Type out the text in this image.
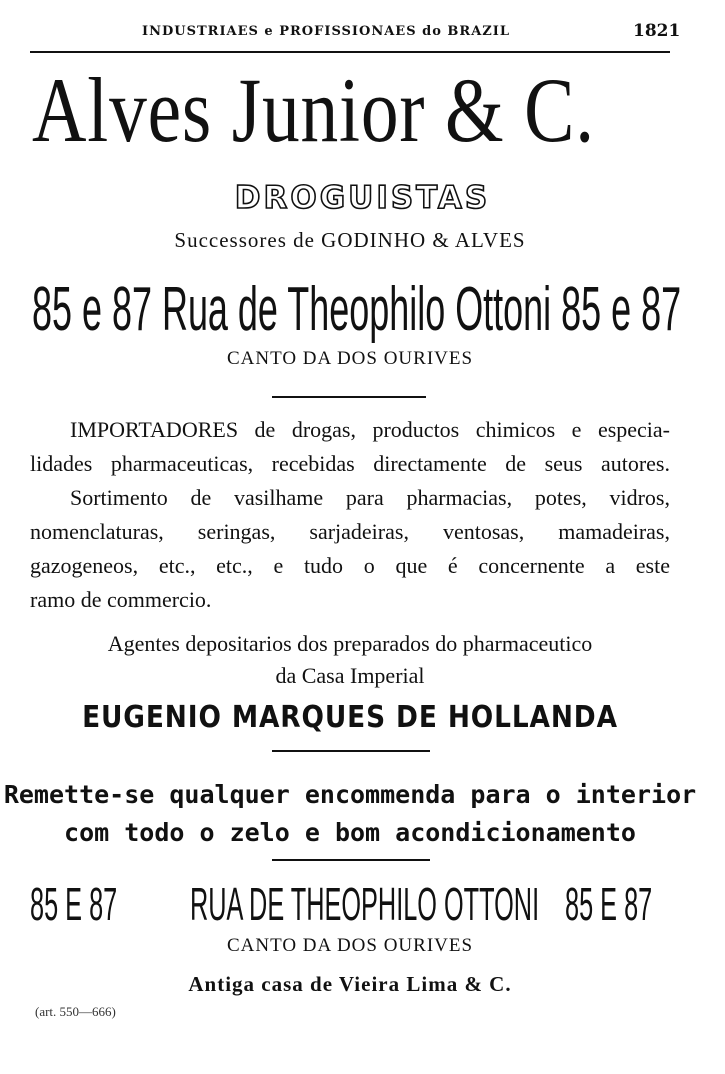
INDUSTRIAES e PROFISSIONAES do BRAZIL	1821
Alves Junior & C.
DROGUISTAS
Successores de GODINHO & ALVES
85 e 87 Rua de Theophilo Ottoni 85 e 87
CANTO DA DOS OURIVES
IMPORTADORES de drogas, productos chimicos e especia-
lidades pharmaceuticas, recebidas directamente de seus autores.
Sortimento de vasilhame para pharmacias, potes, vidros,
nomenclaturas, seringas, sarjadeiras, ventosas, mamadeiras,
gazogeneos, etc., etc., e tudo o que é concernente a este
ramo de commercio.
Agentes depositarios dos preparados do pharmaceutico
da Casa Imperial
EUGENIO MARQUES DE HOLLANDA
Remette-se qualquer encommenda para o interior
com todo o zelo e bom acondicionamento
85 E 87 RUA DE THEOPHILO OTTONI 85 E 87
CANTO DA DOS OURIVES
Antiga casa de Vieira Lima & C.
(art. 550—666)
